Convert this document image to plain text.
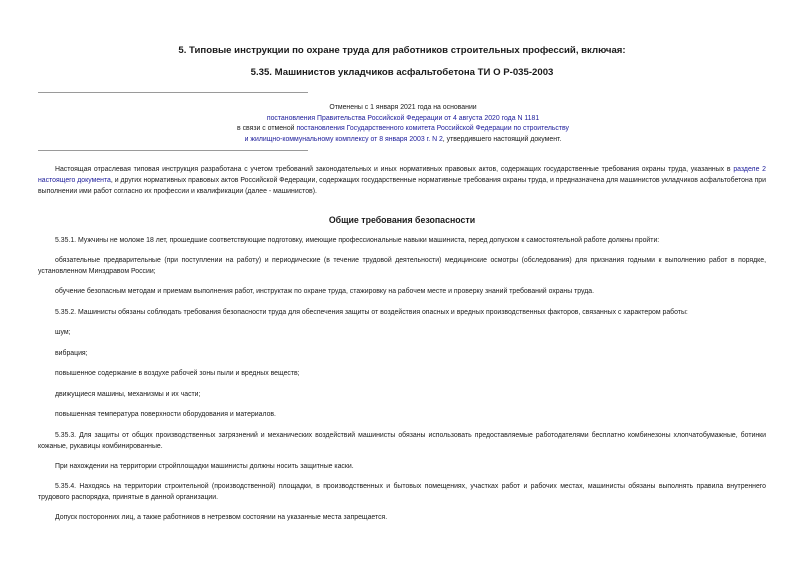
5. Типовые инструкции по охране труда для работников строительных профессий, включая:
5.35. Машинистов укладчиков асфальтобетона ТИ О Р-035-2003
Отменены с 1 января 2021 года на основании
постановления Правительства Российской Федерации от 4 августа 2020 года N 1181
в связи с отменой постановления Государственного комитета Российской Федерации по строительству
и жилищно-коммунальному комплексу от 8 января 2003 г. N 2, утвердившего настоящий документ.
Настоящая отраслевая типовая инструкция разработана с учетом требований законодательных и иных нормативных правовых актов, содержащих государственные требования охраны труда, указанных в разделе 2 настоящего документа, и других нормативных правовых актов Российской Федерации, содержащих государственные нормативные требования охраны труда, и предназначена для машинистов укладчиков асфальтобетона при выполнении ими работ согласно их профессии и квалификации (далее - машинистов).
Общие требования безопасности
5.35.1. Мужчины не моложе 18 лет, прошедшие соответствующие подготовку, имеющие профессиональные навыки машиниста, перед допуском к самостоятельной работе должны пройти:
обязательные предварительные (при поступлении на работу) и периодические (в течение трудовой деятельности) медицинские осмотры (обследования) для признания годными к выполнению работ в порядке, установленном Минздравом России;
обучение безопасным методам и приемам выполнения работ, инструктаж по охране труда, стажировку на рабочем месте и проверку знаний требований охраны труда.
5.35.2. Машинисты обязаны соблюдать требования безопасности труда для обеспечения защиты от воздействия опасных и вредных производственных факторов, связанных с характером работы:
шум;
вибрация;
повышенное содержание в воздухе рабочей зоны пыли и вредных веществ;
движущиеся машины, механизмы и их части;
повышенная температура поверхности оборудования и материалов.
5.35.3. Для защиты от общих производственных загрязнений и механических воздействий машинисты обязаны использовать предоставляемые работодателями бесплатно комбинезоны хлопчатобумажные, ботинки кожаные, рукавицы комбинированные.
При нахождении на территории стройплощадки машинисты должны носить защитные каски.
5.35.4. Находясь на территории строительной (производственной) площадки, в производственных и бытовых помещениях, участках работ и рабочих местах, машинисты обязаны выполнять правила внутреннего трудового распорядка, принятые в данной организации.
Допуск посторонних лиц, а также работников в нетрезвом состоянии на указанные места запрещается.
